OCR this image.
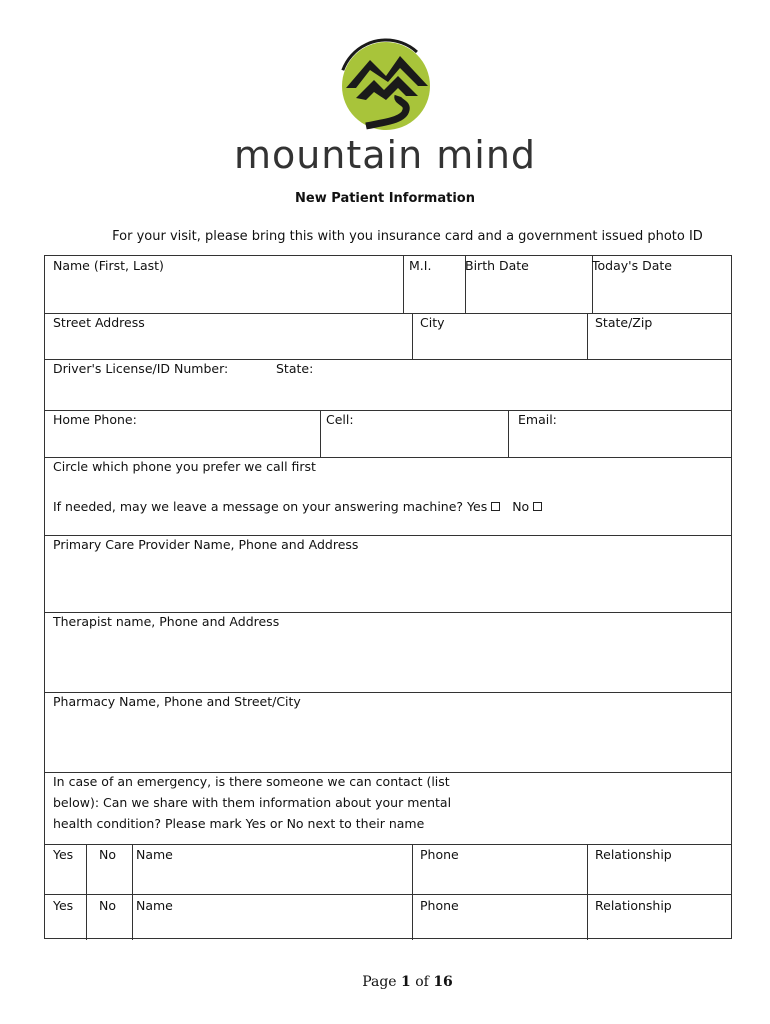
mountain mind
New Patient Information
For your visit, please bring this with you insurance card and a government issued photo ID
Name (First, Last)	M.I.	Birth Date	Today's Date
Street Address	City	State/Zip
Driver's License/ID Number:	State:
Home Phone:	Cell:	Email:
Circle which phone you prefer we call first
If needed, may we leave a message on your answering machine? Yes No
Primary Care Provider Name, Phone and Address
Therapist name, Phone and Address
Pharmacy Name, Phone and Street/City
In case of an emergency, is there someone we can contact (list
below): Can we share with them information about your mental
health condition? Please mark Yes or No next to their name
Yes No Name	Phone	Relationship
Yes No Name	Phone	Relationship
Page 1 of 16
